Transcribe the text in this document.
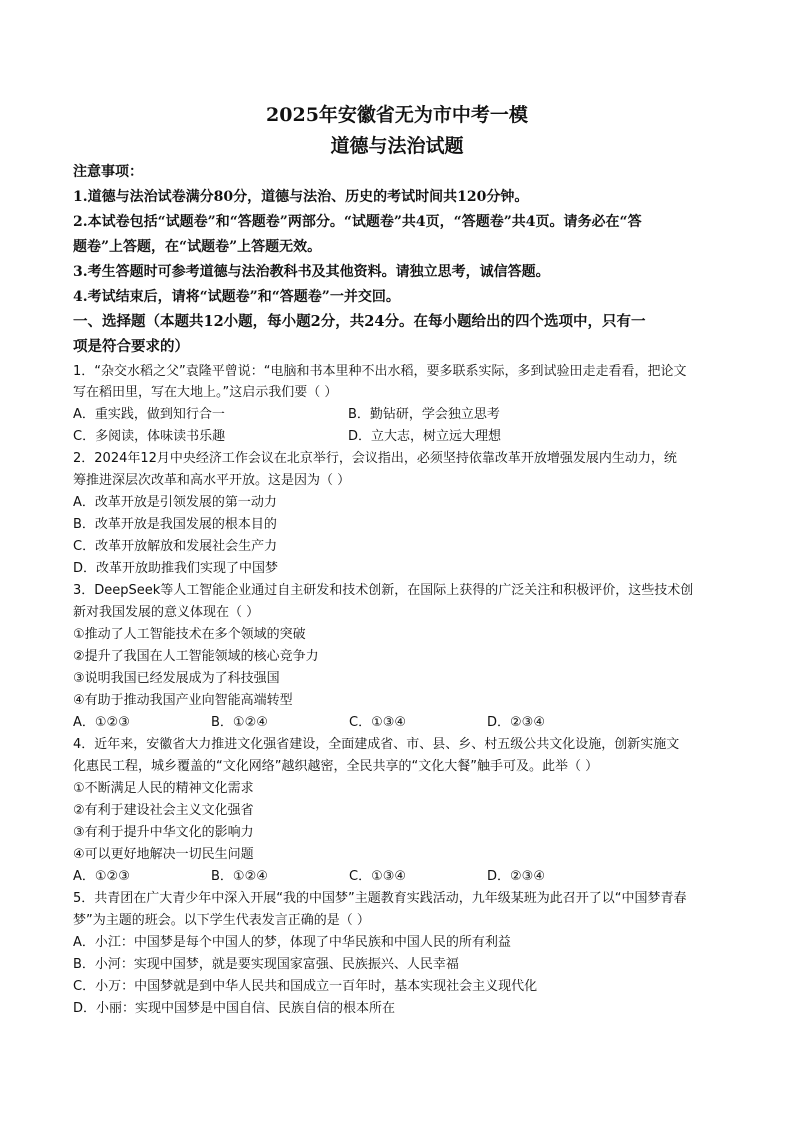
2025年安徽省无为市中考一模
道德与法治试题
注意事项：
1.道德与法治试卷满分80分，道德与法治、历史的考试时间共120分钟。
2.本试卷包括“试题卷”和“答题卷”两部分。“试题卷”共4页，“答题卷”共4页。请务必在“答
题卷”上答题，在“试题卷”上答题无效。
3.考生答题时可参考道德与法治教科书及其他资料。请独立思考，诚信答题。
4.考试结束后，请将“试题卷”和“答题卷”一并交回。
一、选择题（本题共12小题，每小题2分，共24分。在每小题给出的四个选项中，只有一
项是符合要求的）
1．“杂交水稻之父”袁隆平曾说：“电脑和书本里种不出水稻，要多联系实际，多到试验田走走看看，把论文
写在稻田里，写在大地上。”这启示我们要（ ）
A．重实践，做到知行合一	B．勤钻研，学会独立思考
C．多阅读，体味读书乐趣	D．立大志，树立远大理想
2．2024年12月中央经济工作会议在北京举行，会议指出，必须坚持依靠改革开放增强发展内生动力，统
筹推进深层次改革和高水平开放。这是因为（ ）
A．改革开放是引领发展的第一动力
B．改革开放是我国发展的根本目的
C．改革开放解放和发展社会生产力
D．改革开放助推我们实现了中国梦
3．DeepSeek等人工智能企业通过自主研发和技术创新，在国际上获得的广泛关注和积极评价，这些技术创
新对我国发展的意义体现在（ ）
①推动了人工智能技术在多个领域的突破
②提升了我国在人工智能领域的核心竞争力
③说明我国已经发展成为了科技强国
④有助于推动我国产业向智能高端转型
A．①②③	B．①②④	C．①③④	D．②③④
4．近年来，安徽省大力推进文化强省建设，全面建成省、市、县、乡、村五级公共文化设施，创新实施文
化惠民工程，城乡覆盖的“文化网络”越织越密，全民共享的“文化大餐”触手可及。此举（ ）
①不断满足人民的精神文化需求
②有利于建设社会主义文化强省
③有利于提升中华文化的影响力
④可以更好地解决一切民生问题
A．①②③	B．①②④	C．①③④	D．②③④
5．共青团在广大青少年中深入开展“我的中国梦”主题教育实践活动，九年级某班为此召开了以“中国梦青春
梦”为主题的班会。以下学生代表发言正确的是（ ）
A．小江：中国梦是每个中国人的梦，体现了中华民族和中国人民的所有利益
B．小河：实现中国梦，就是要实现国家富强、民族振兴、人民幸福
C．小万：中国梦就是到中华人民共和国成立一百年时，基本实现社会主义现代化
D．小丽：实现中国梦是中国自信、民族自信的根本所在
